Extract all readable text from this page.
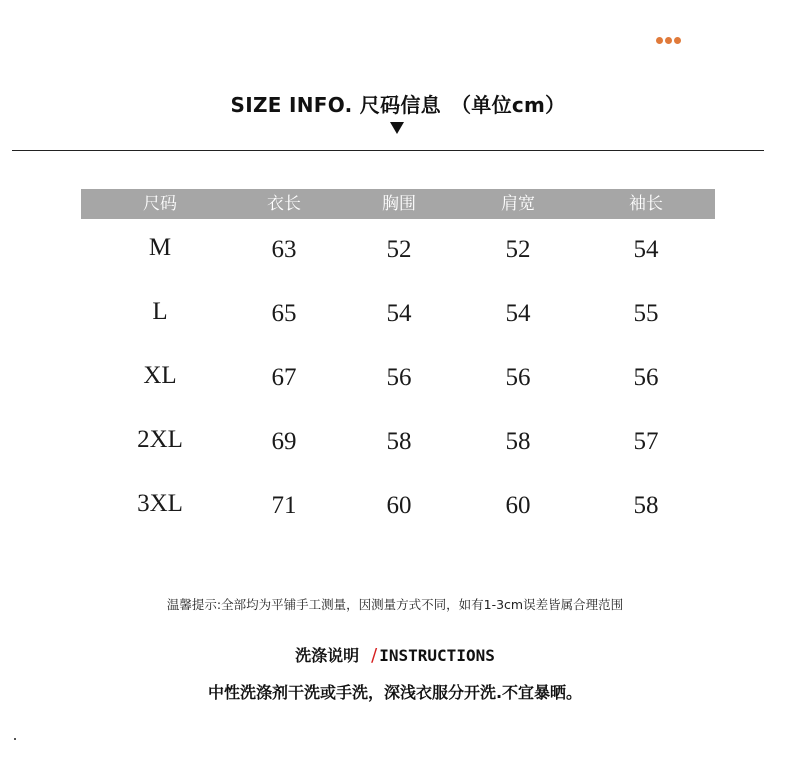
SIZE INFO. 尺码信息 （单位cm）
尺码	衣长	胸围	肩宽	袖长
M	63	52	52	54
L	65	54	54	55
XL	67	56	56	56
2XL	69	58	58	57
3XL	71	60	60	58
温馨提示:全部均为平铺手工测量，因测量方式不同，如有1-3cm误差皆属合理范围
洗涤说明 / INSTRUCTIONS
中性洗涤剂干洗或手洗，深浅衣服分开洗.不宜暴晒。
